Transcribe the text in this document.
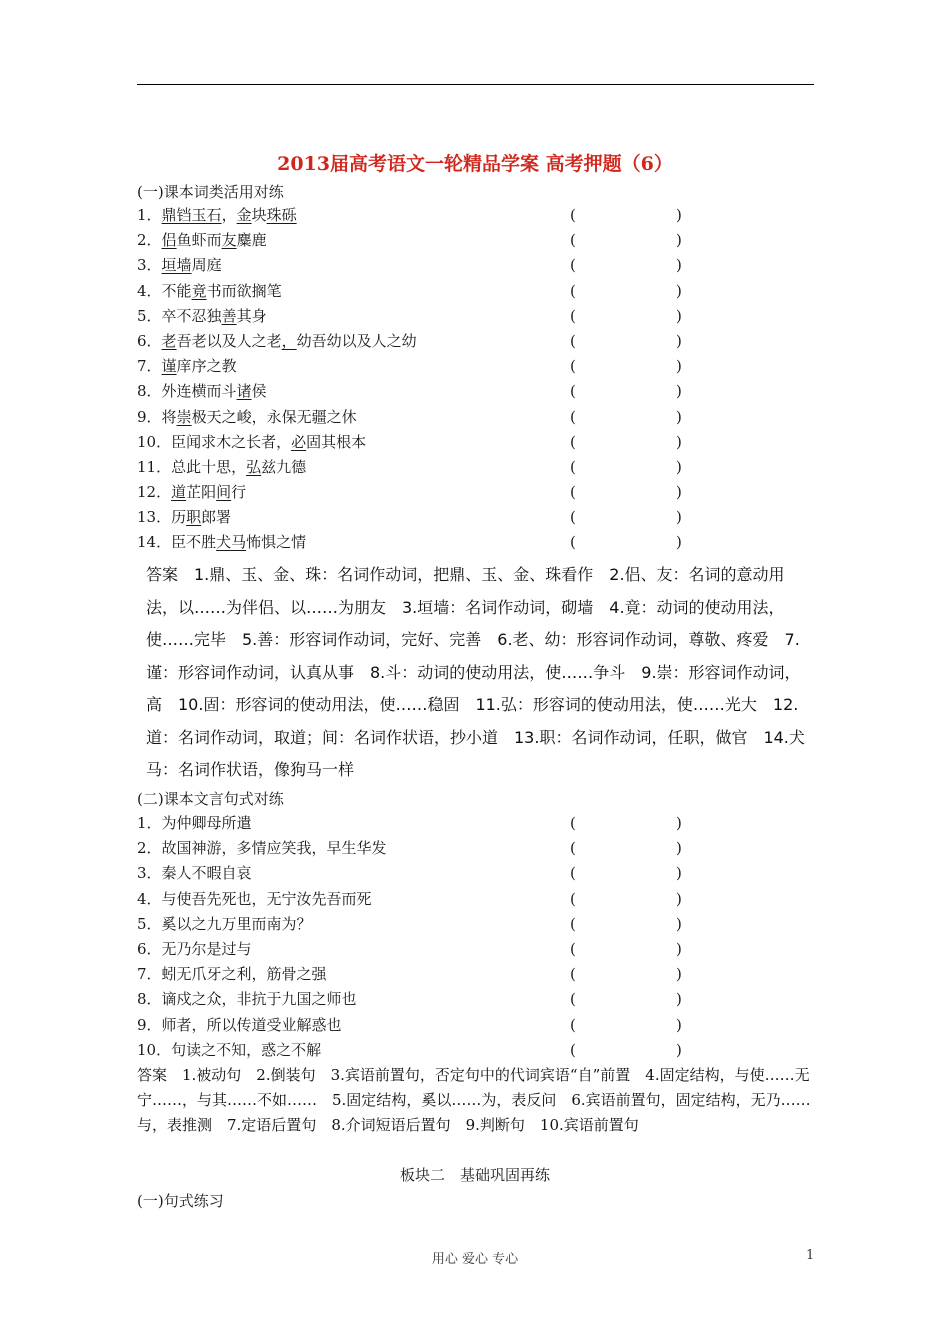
2013届高考语文一轮精品学案 高考押题（6）
(一)课本词类活用对练
1．鼎铛玉石，金块珠砾	(	)
2．侣鱼虾而友麋鹿	(	)
3．垣墙周庭	(	)
4．不能竟书而欲搁笔	(	)
5．卒不忍独善其身	(	)
6．老吾老以及人之老，幼吾幼以及人之幼	(	)
7．谨庠序之教	(	)
8．外连横而斗诸侯	(	)
9．将崇极天之峻，永保无疆之休	(	)
10．臣闻求木之长者，必固其根本	(	)
11．总此十思，弘兹九德	(	)
12．道芷阳间行	(	)
13．历职郎署	(	)
14．臣不胜犬马怖惧之情	(	)
答案　1.鼎、玉、金、珠：名词作动词，把鼎、玉、金、珠看作　2.侣、友：名词的意动用法，以……为伴侣、以……为朋友　3.垣墙：名词作动词，砌墙　4.竟：动词的使动用法，使……完毕　5.善：形容词作动词，完好、完善　6.老、幼：形容词作动词，尊敬、疼爱　7.谨：形容词作动词，认真从事　8.斗：动词的使动用法，使……争斗　9.崇：形容词作动词，高　10.固：形容词的使动用法，使……稳固　11.弘：形容词的使动用法，使……光大　12.道：名词作动词，取道；间：名词作状语，抄小道　13.职：名词作动词，任职，做官　14.犬马：名词作状语，像狗马一样
(二)课本文言句式对练
1．为仲卿母所遣	(	)
2．故国神游，多情应笑我，早生华发	(	)
3．秦人不暇自哀	(	)
4．与使吾先死也，无宁汝先吾而死	(	)
5．奚以之九万里而南为？	(	)
6．无乃尔是过与	(	)
7．蚓无爪牙之利，筋骨之强	(	)
8．谪戍之众，非抗于九国之师也	(	)
9．师者，所以传道受业解惑也	(	)
10．句读之不知，惑之不解	(	)
答案　1.被动句　2.倒装句　3.宾语前置句，否定句中的代词宾语“自”前置　4.固定结构，与使……无宁……，与其……不如……　5.固定结构，奚以……为，表反问　6.宾语前置句，固定结构，无乃……与，表推测　7.定语后置句　8.介词短语后置句　9.判断句　10.宾语前置句
板块二　基础巩固再练
(一)句式练习
用心 爱心 专心	1
